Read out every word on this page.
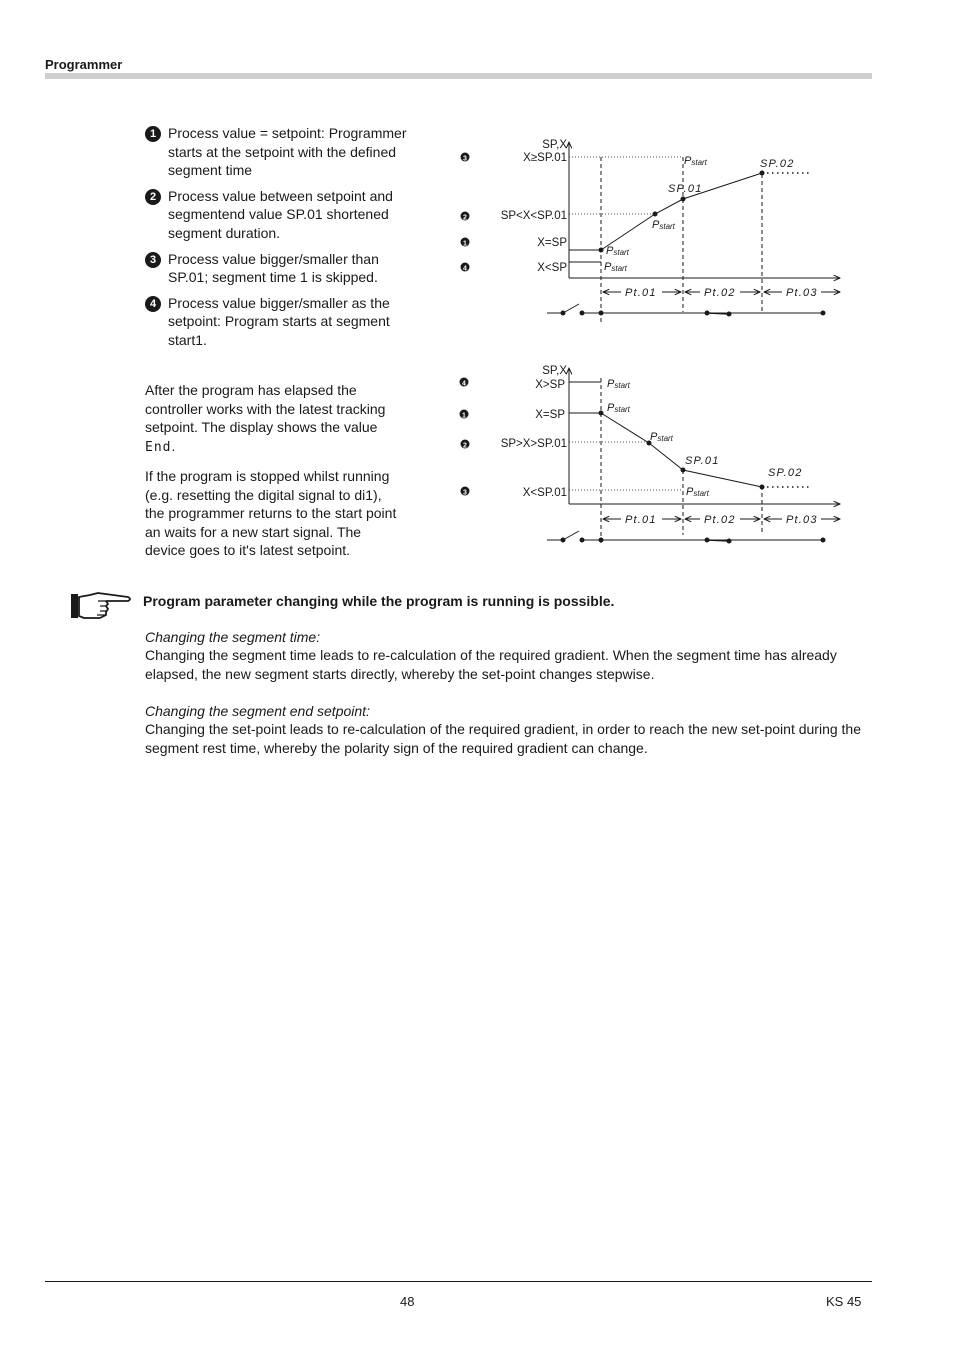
Programmer
1 Process value = setpoint: Programmer starts at the setpoint with the defined segment time
2 Process value between setpoint and segmentend value SP.01 shortened segment duration.
3 Process value bigger/smaller than SP.01; segment time 1 is skipped.
4 Process value bigger/smaller as the setpoint: Program starts at segment start1.

After the program has elapsed the controller works with the latest tracking setpoint. The display shows the value End.

If the program is stopped whilst running (e.g. resetting the digital signal to di1), the programmer returns to the start point an waits for a new start signal. The device goes to it's latest setpoint.

SP,X
3
2
1
4
X≥SP.01
SP<X<SP.01
X=SP
X<SP
Pstart
Pstart
Pstart
Pstart
SP.01
SP.02
Pt.01	Pt.02	Pt.03
SP,X
4
1
2
3
X>SP
X=SP
SP>X>SP.01
X<SP.01
Pstart
Pstart
Pstart
Pstart
SP.01
SP.02
Pt.01	Pt.02	Pt.03

Program parameter changing while the program is running is possible.

Changing the segment time:

Changing the segment time leads to re-calculation of the required gradient. When the segment time has already elapsed, the new segment starts directly, whereby the set-point changes stepwise.

Changing the segment end setpoint:

Changing the set-point leads to re-calculation of the required gradient, in order to reach the new set-point during the segment rest time, whereby the polarity sign of the required gradient can change.

48	KS 45
